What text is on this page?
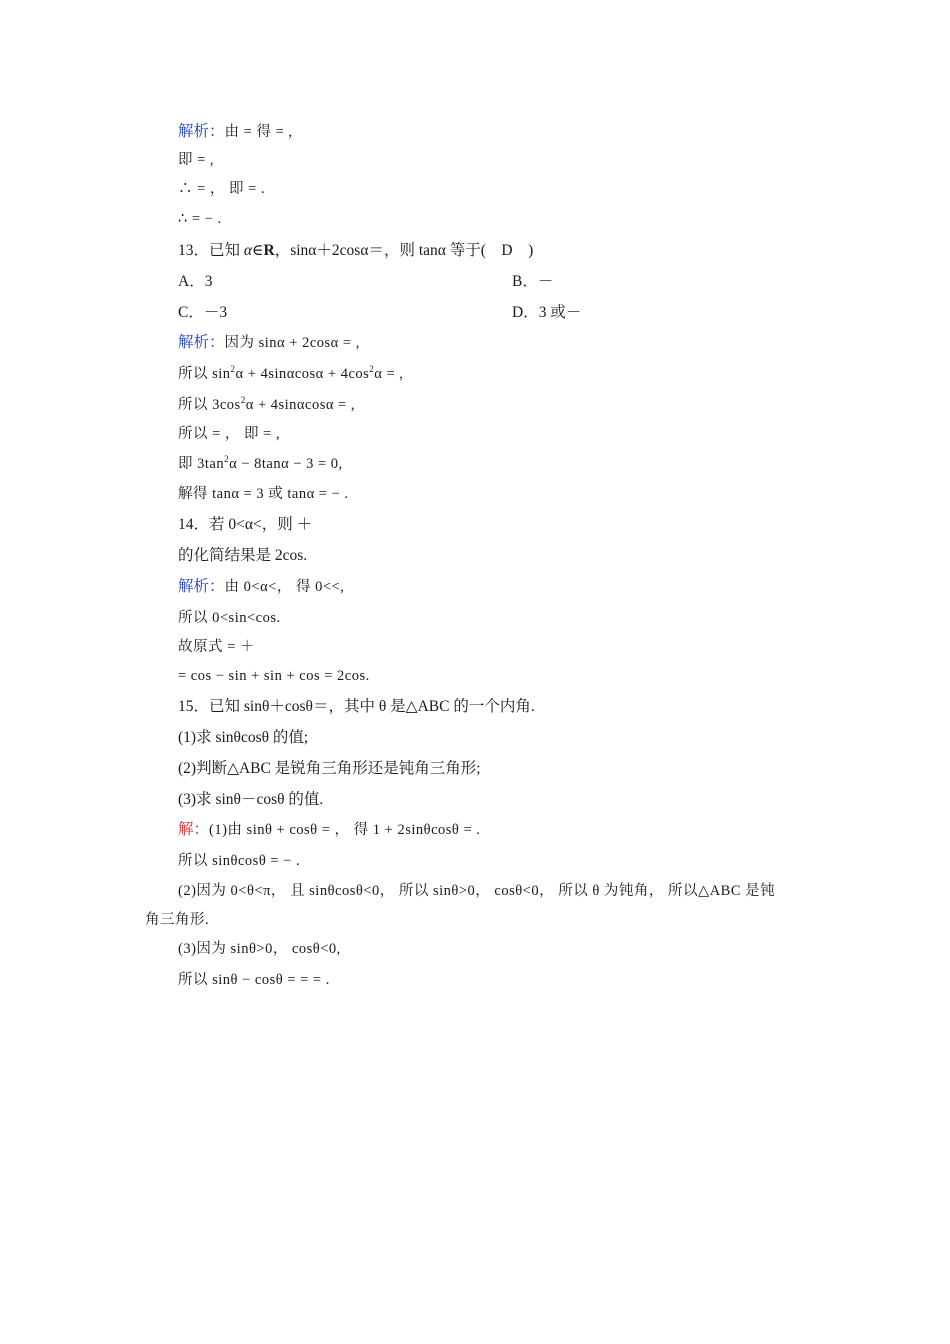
解析：由 = 得 = ,
即 = ,
∴ = ， 即 = .
∴ = − .
13．已知 α∈R，sinα＋2cosα＝，则 tanα 等于(　D　)
A．3	B．－
C．－3	D．3 或－
解析：因为 sinα + 2cosα = ,
所以 $\sin^2\alpha + 4\sin\alpha\cos\alpha + 4\cos^2\alpha$ = ,
所以 $3\cos^2\alpha + 4\sin\alpha\cos\alpha$ = ,
所以 = ， 即 = ,
即 $3\tan^2\alpha - 8\tan\alpha - 3 = 0$,
解得 tanα = 3 或 tanα = − .
14．若 0<α<，则 ＋
的化简结果是 2cos.
解析：由 0<α<， 得 0<<,
所以 0<sin<cos.
故原式 = ＋
= cos − sin + sin + cos = 2cos.
15．已知 sinθ＋cosθ＝，其中 θ 是△ABC 的一个内角.
(1)求 sinθcosθ 的值;
(2)判断△ABC 是锐角三角形还是钝角三角形;
(3)求 sinθ－cosθ 的值.
解：(1)由 sinθ + cosθ = ， 得 1 + 2sinθcosθ = .
所以 sinθcosθ = − .
(2)因为 0<θ<π， 且 sinθcosθ<0， 所以 sinθ>0， cosθ<0， 所以 θ 为钝角， 所以△ABC 是钝
角三角形.
(3)因为 sinθ>0， cosθ<0,
所以 sinθ − cosθ = = = .
